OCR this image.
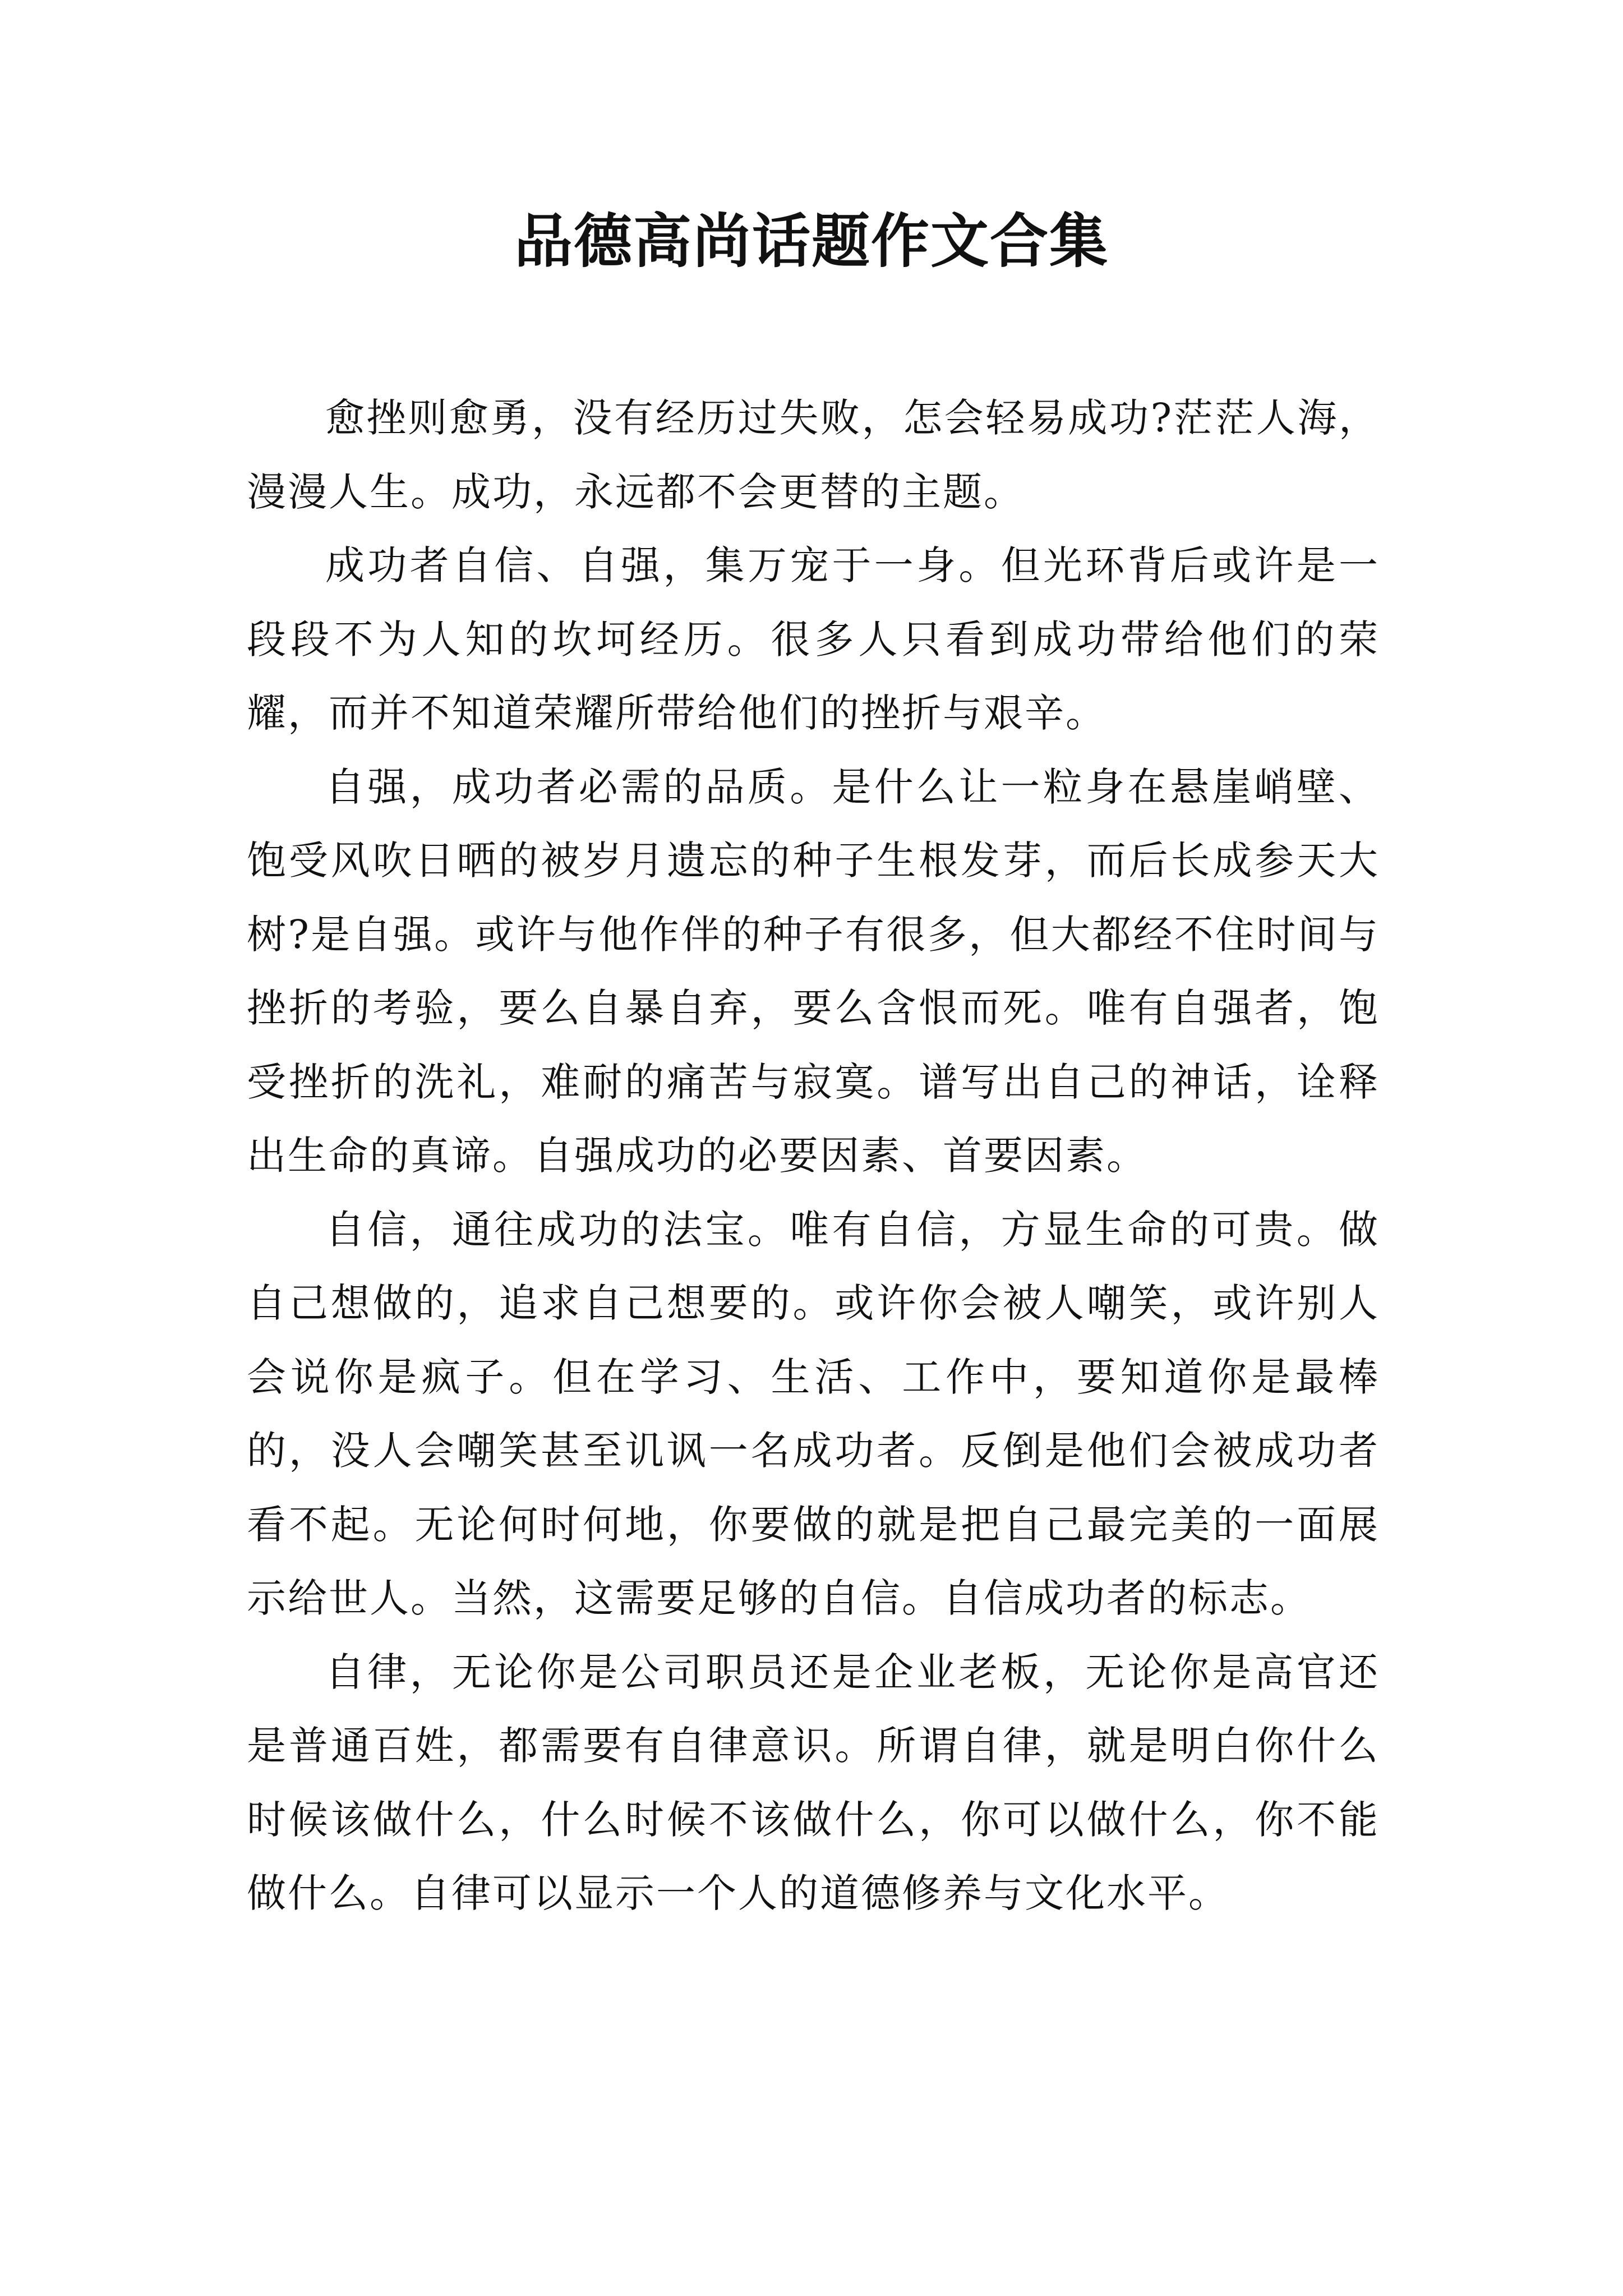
品德高尚话题作文合集

愈挫则愈勇，没有经历过失败，怎会轻易成功?茫茫人海，漫漫人生。成功，永远都不会更替的主题。

成功者自信、自强，集万宠于一身。但光环背后或许是一段段不为人知的坎坷经历。很多人只看到成功带给他们的荣耀，而并不知道荣耀所带给他们的挫折与艰辛。

自强，成功者必需的品质。是什么让一粒身在悬崖峭壁、饱受风吹日晒的被岁月遗忘的种子生根发芽，而后长成参天大树?是自强。或许与他作伴的种子有很多，但大都经不住时间与挫折的考验，要么自暴自弃，要么含恨而死。唯有自强者，饱受挫折的洗礼，难耐的痛苦与寂寞。谱写出自己的神话，诠释出生命的真谛。自强成功的必要因素、首要因素。

自信，通往成功的法宝。唯有自信，方显生命的可贵。做自己想做的，追求自己想要的。或许你会被人嘲笑，或许别人会说你是疯子。但在学习、生活、工作中，要知道你是最棒的，没人会嘲笑甚至讥讽一名成功者。反倒是他们会被成功者看不起。无论何时何地，你要做的就是把自己最完美的一面展示给世人。当然，这需要足够的自信。自信成功者的标志。

自律，无论你是公司职员还是企业老板，无论你是高官还是普通百姓，都需要有自律意识。所谓自律，就是明白你什么时候该做什么，什么时候不该做什么，你可以做什么，你不能做什么。自律可以显示一个人的道德修养与文化水平。
